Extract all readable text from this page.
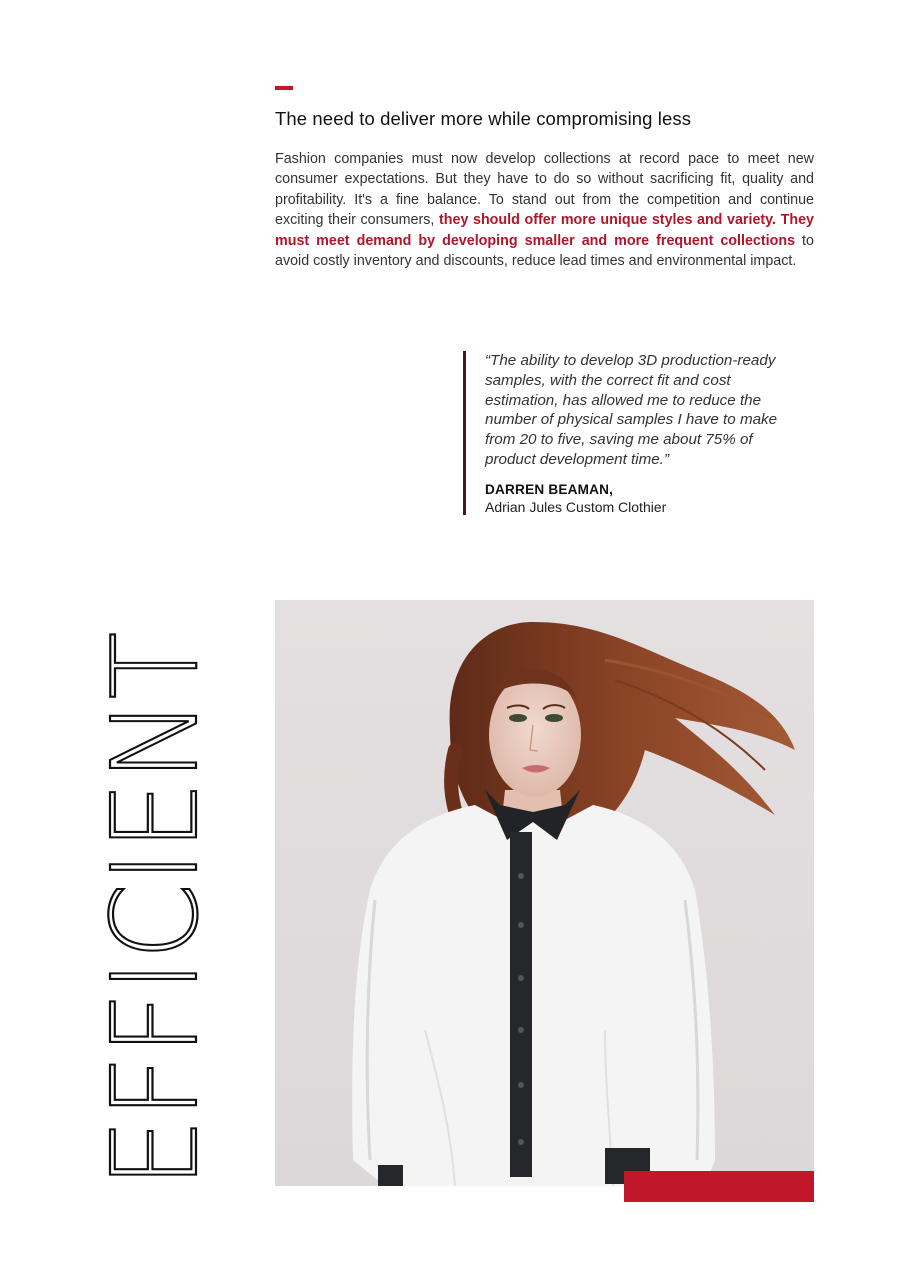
The need to deliver more while compromising less

Fashion companies must now develop collections at record pace to meet new consumer expectations. But they have to do so without sacrificing fit, quality and profitability. It's a fine balance. To stand out from the competition and continue exciting their consumers, they should offer more unique styles and variety. They must meet demand by developing smaller and more frequent collections to avoid costly inventory and discounts, reduce lead times and environmental impact.

“The ability to develop 3D production-ready samples, with the correct fit and cost estimation, has allowed me to reduce the number of physical samples I have to make from 20 to five, saving me about 75% of product development time.”

DARREN BEAMAN,

Adrian Jules Custom Clothier

EFFICIENT
